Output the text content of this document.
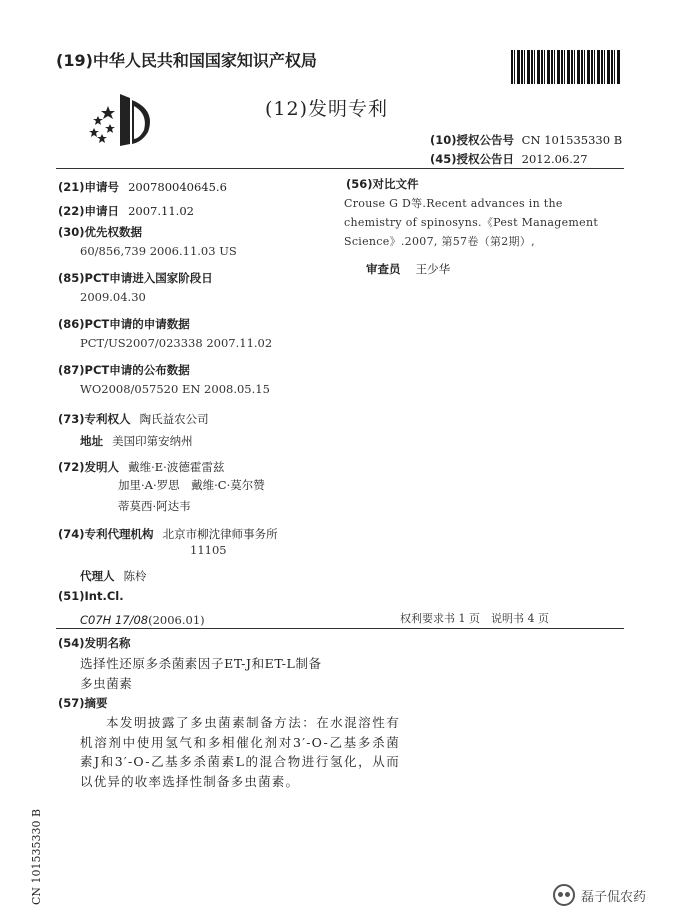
(19)中华人民共和国国家知识产权局
(12)发明专利
(10)授权公告号 CN 101535330 B
(45)授权公告日 2012.06.27
(21)申请号 200780040645.6
(22)申请日 2007.11.02
(30)优先权数据
60/856,739 2006.11.03 US
(85)PCT申请进入国家阶段日
2009.04.30
(86)PCT申请的申请数据
PCT/US2007/023338 2007.11.02
(87)PCT申请的公布数据
WO2008/057520 EN 2008.05.15
(73)专利权人 陶氏益农公司
地址 美国印第安纳州
(72)发明人 戴维·E·波德霍雷兹
加里·A·罗思　戴维·C·莫尔赞
蒂莫西·阿达韦
(74)专利代理机构 北京市柳沈律师事务所
11105
代理人 陈柃
(51)Int.Cl.
C07H 17/08(2006.01)
(56)对比文件
Crouse G D等.Recent advances in the chemistry of spinosyns.《Pest Management Science》.2007, 第57卷（第2期）,
审查员 王少华
权利要求书 1 页　说明书 4 页
(54)发明名称
选择性还原多杀菌素因子ET-J和ET-L制备
多虫菌素
(57)摘要
本发明披露了多虫菌素制备方法：在水混溶性有机溶剂中使用氢气和多相催化剂对3′-O-乙基多杀菌素J和3′-O-乙基多杀菌素L的混合物进行氢化，从而以优异的收率选择性制备多虫菌素。
CN 101535330 B	磊子侃农药
